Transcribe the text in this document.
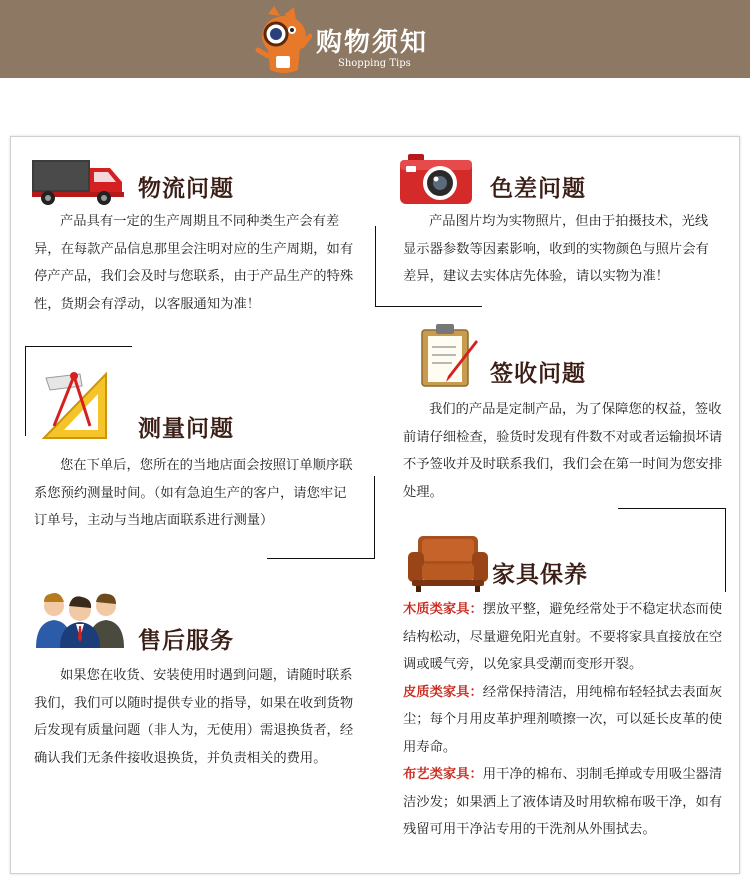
购物须知
Shopping Tips
物流问题
产品具有一定的生产周期且不同种类生产会有差异，在每款产品信息那里会注明对应的生产周期，如有停产产品，我们会及时与您联系，由于产品生产的特殊性，货期会有浮动，以客服通知为准！
色差问题
产品图片均为实物照片，但由于拍摄技术，光线显示器参数等因素影响，收到的实物颜色与照片会有差异，建议去实体店先体验，请以实物为准！
测量问题
您在下单后，您所在的当地店面会按照订单顺序联系您预约测量时间。（如有急迫生产的客户，请您牢记订单号，主动与当地店面联系进行测量）
签收问题
我们的产品是定制产品，为了保障您的权益，签收前请仔细检查，验货时发现有件数不对或者运输损坏请不予签收并及时联系我们，我们会在第一时间为您安排处理。
售后服务
如果您在收货、安装使用时遇到问题，请随时联系我们，我们可以随时提供专业的指导，如果在收到货物后发现有质量问题（非人为，无使用）需退换货者，经确认我们无条件接收退换货，并负责相关的费用。
家具保养

木质类家具：摆放平整，避免经常处于不稳定状态而使结构松动，尽量避免阳光直射。不要将家具直接放在空调或暖气旁，以免家具受潮而变形开裂。

皮质类家具：经常保持清洁，用纯棉布轻轻拭去表面灰尘；每个月用皮革护理剂喷擦一次，可以延长皮革的使用寿命。

布艺类家具：用干净的棉布、羽制毛掸或专用吸尘器清洁沙发；如果洒上了液体请及时用软棉布吸干净，如有残留可用干净沾专用的干洗剂从外围拭去。
